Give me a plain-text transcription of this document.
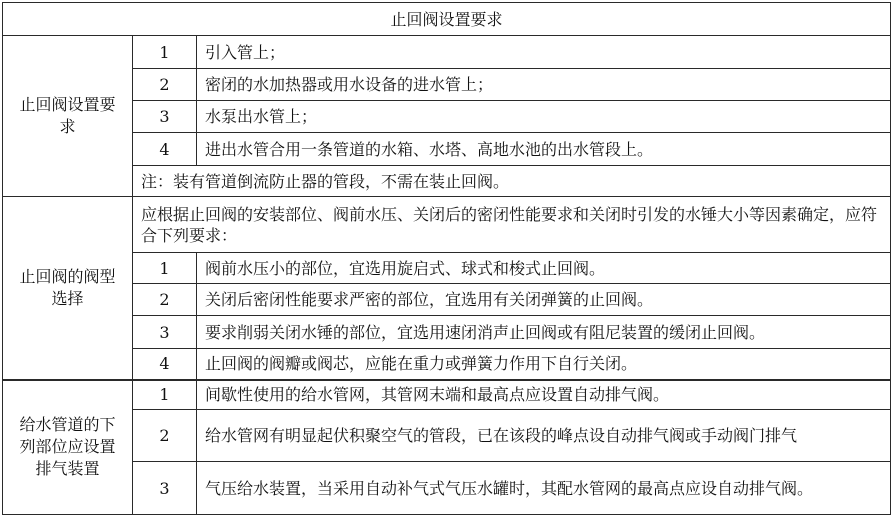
止回阀设置要求		
止回阀设置要求	1	引入管上；
	2	密闭的水加热器或用水设备的进水管上；
	3	水泵出水管上；
	4	进出水管合用一条管道的水箱、水塔、高地水池的出水管段上。
	注：装有管道倒流防止器的管段，不需在装止回阀。	
止回阀的阀型选择	应根据止回阀的安装部位、阀前水压、关闭后的密闭性能要求和关闭时引发的水锤大小等因素确定，应符合下列要求：	
	1	阀前水压小的部位，宜选用旋启式、球式和梭式止回阀。
	2	关闭后密闭性能要求严密的部位，宜选用有关闭弹簧的止回阀。
	3	要求削弱关闭水锤的部位，宜选用速闭消声止回阀或有阻尼装置的缓闭止回阀。
	4	止回阀的阀瓣或阀芯，应能在重力或弹簧力作用下自行关闭。
给水管道的下列部位应设置排气装置	1	间歇性使用的给水管网，其管网末端和最高点应设置自动排气阀。
	2	给水管网有明显起伏积聚空气的管段，已在该段的峰点设自动排气阀或手动阀门排气
	3	气压给水装置，当采用自动补气式气压水罐时，其配水管网的最高点应设自动排气阀。
